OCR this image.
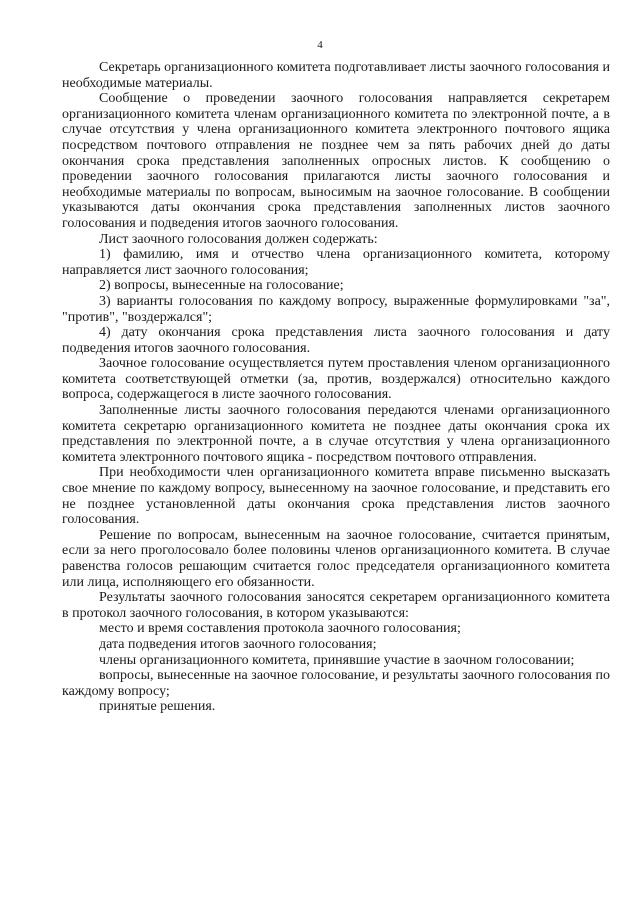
4

Секретарь организационного комитета подготавливает листы заочного голосования и необходимые материалы.

Сообщение о проведении заочного голосования направляется секретарем организационного комитета членам организационного комитета по электронной почте, а в случае отсутствия у члена организационного комитета электронного почтового ящика посредством почтового отправления не позднее чем за пять рабочих дней до даты окончания срока представления заполненных опросных листов. К сообщению о проведении заочного голосования прилагаются листы заочного голосования и необходимые материалы по вопросам, выносимым на заочное голосование. В сообщении указываются даты окончания срока представления заполненных листов заочного голосования и подведения итогов заочного голосования.

Лист заочного голосования должен содержать:

1) фамилию, имя и отчество члена организационного комитета, которому направляется лист заочного голосования;

2) вопросы, вынесенные на голосование;

3) варианты голосования по каждому вопросу, выраженные формулировками "за", "против", "воздержался";

4) дату окончания срока представления листа заочного голосования и дату подведения итогов заочного голосования.

Заочное голосование осуществляется путем проставления членом организационного комитета соответствующей отметки (за, против, воздержался) относительно каждого вопроса, содержащегося в листе заочного голосования.

Заполненные листы заочного голосования передаются членами организационного комитета секретарю организационного комитета не позднее даты окончания срока их представления по электронной почте, а в случае отсутствия у члена организационного комитета электронного почтового ящика - посредством почтового отправления.

При необходимости член организационного комитета вправе письменно высказать свое мнение по каждому вопросу, вынесенному на заочное голосование, и представить его не позднее установленной даты окончания срока представления листов заочного голосования.

Решение по вопросам, вынесенным на заочное голосование, считается принятым, если за него проголосовало более половины членов организационного комитета. В случае равенства голосов решающим считается голос председателя организационного комитета или лица, исполняющего его обязанности.

Результаты заочного голосования заносятся секретарем организационного комитета в протокол заочного голосования, в котором указываются:

место и время составления протокола заочного голосования;

дата подведения итогов заочного голосования;

члены организационного комитета, принявшие участие в заочном голосовании;

вопросы, вынесенные на заочное голосование, и результаты заочного голосования по каждому вопросу;

принятые решения.
